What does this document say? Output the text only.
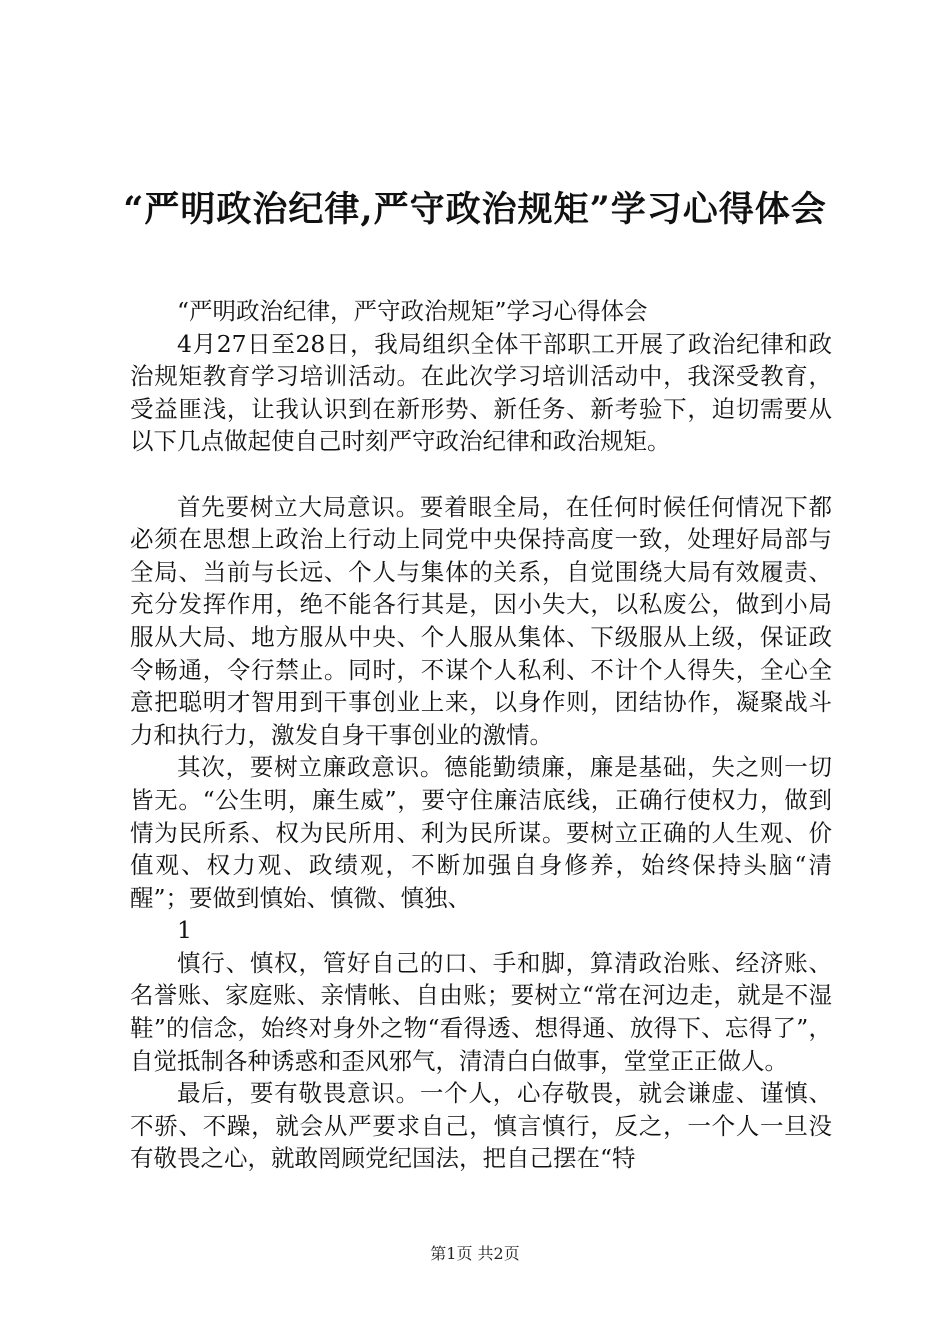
“严明政治纪律,严守政治规矩”学习心得体会

“严明政治纪律，严守政治规矩”学习心得体会

4月27日至28日，我局组织全体干部职工开展了政治纪律和政治规矩教育学习培训活动。在此次学习培训活动中，我深受教育，受益匪浅，让我认识到在新形势、新任务、新考验下，迫切需要从以下几点做起使自己时刻严守政治纪律和政治规矩。

首先要树立大局意识。要着眼全局，在任何时候任何情况下都必须在思想上政治上行动上同党中央保持高度一致，处理好局部与全局、当前与长远、个人与集体的关系，自觉围绕大局有效履责、充分发挥作用，绝不能各行其是，因小失大，以私废公，做到小局服从大局、地方服从中央、个人服从集体、下级服从上级，保证政令畅通，令行禁止。同时，不谋个人私利、不计个人得失，全心全意把聪明才智用到干事创业上来，以身作则，团结协作，凝聚战斗力和执行力，激发自身干事创业的激情。

其次，要树立廉政意识。德能勤绩廉，廉是基础，失之则一切皆无。“公生明，廉生威”，要守住廉洁底线，正确行使权力，做到情为民所系、权为民所用、利为民所谋。要树立正确的人生观、价值观、权力观、政绩观，不断加强自身修养，始终保持头脑“清醒”；要做到慎始、慎微、慎独、

1

慎行、慎权，管好自己的口、手和脚，算清政治账、经济账、名誉账、家庭账、亲情帐、自由账；要树立“常在河边走，就是不湿鞋”的信念，始终对身外之物“看得透、想得通、放得下、忘得了”，自觉抵制各种诱惑和歪风邪气，清清白白做事，堂堂正正做人。

最后，要有敬畏意识。一个人，心存敬畏，就会谦虚、谨慎、不骄、不躁，就会从严要求自己，慎言慎行，反之，一个人一旦没有敬畏之心，就敢罔顾党纪国法，把自己摆在“特

第1页 共2页
